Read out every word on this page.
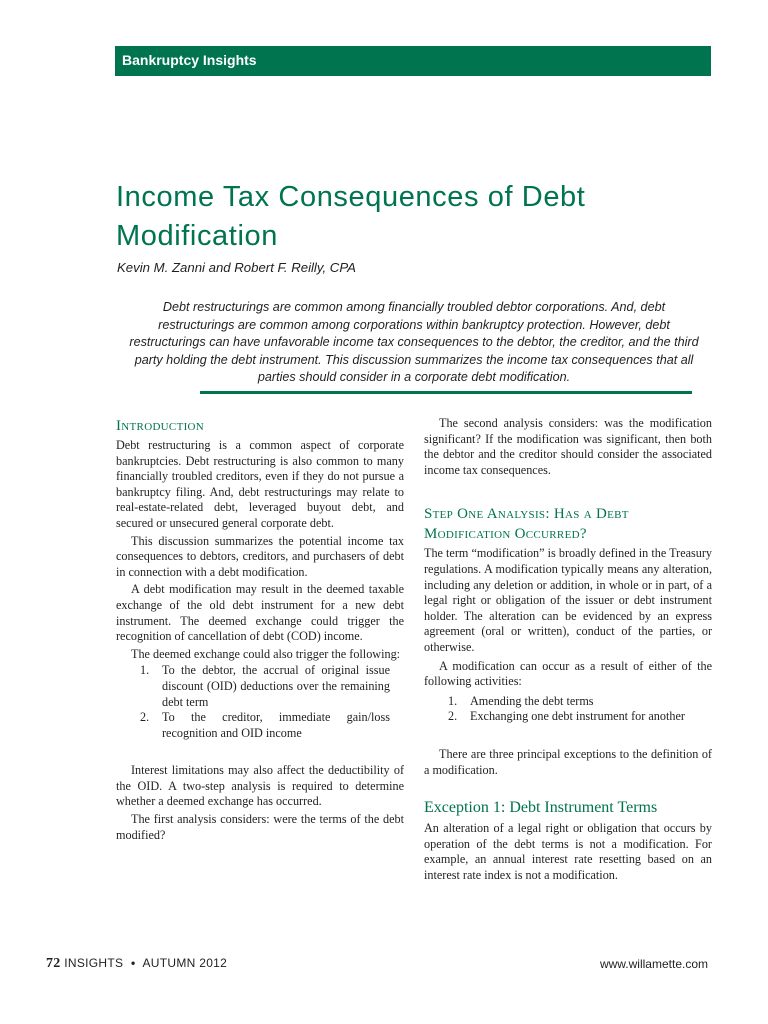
Bankruptcy Insights
Income Tax Consequences of Debt Modification
Kevin M. Zanni and Robert F. Reilly, CPA

Debt restructurings are common among financially troubled debtor corporations. And, debt restructurings are common among corporations within bankruptcy protection. However, debt restructurings can have unfavorable income tax consequences to the debtor, the creditor, and the third party holding the debt instrument. This discussion summarizes the income tax consequences that all parties should consider in a corporate debt modification.

Introduction

Debt restructuring is a common aspect of corporate bankruptcies. Debt restructuring is also common to many financially troubled creditors, even if they do not pursue a bankruptcy filing. And, debt restructurings may relate to real-estate-related debt, leveraged buyout debt, and secured or unsecured general corporate debt.

This discussion summarizes the potential income tax consequences to debtors, creditors, and purchasers of debt in connection with a debt modification.

A debt modification may result in the deemed taxable exchange of the old debt instrument for a new debt instrument. The deemed exchange could trigger the recognition of cancellation of debt (COD) income.

The deemed exchange could also trigger the following:

1. To the debtor, the accrual of original issue discount (OID) deductions over the remaining debt term
2. To the creditor, immediate gain/loss recognition and OID income

Interest limitations may also affect the deductibility of the OID. A two-step analysis is required to determine whether a deemed exchange has occurred.

The first analysis considers: were the terms of the debt modified?

The second analysis considers: was the modification significant? If the modification was significant, then both the debtor and the creditor should consider the associated income tax consequences.

Step One Analysis: Has a Debt Modification Occurred?

The term “modification” is broadly defined in the Treasury regulations. A modification typically means any alteration, including any deletion or addition, in whole or in part, of a legal right or obligation of the issuer or debt instrument holder. The alteration can be evidenced by an express agreement (oral or written), conduct of the parties, or otherwise.

A modification can occur as a result of either of the following activities:

1. Amending the debt terms
2. Exchanging one debt instrument for another

There are three principal exceptions to the definition of a modification.

Exception 1: Debt Instrument Terms

An alteration of a legal right or obligation that occurs by operation of the debt terms is not a modification. For example, an annual interest rate resetting based on an interest rate index is not a modification.

72 INSIGHTS • AUTUMN 2012	www.willamette.com
